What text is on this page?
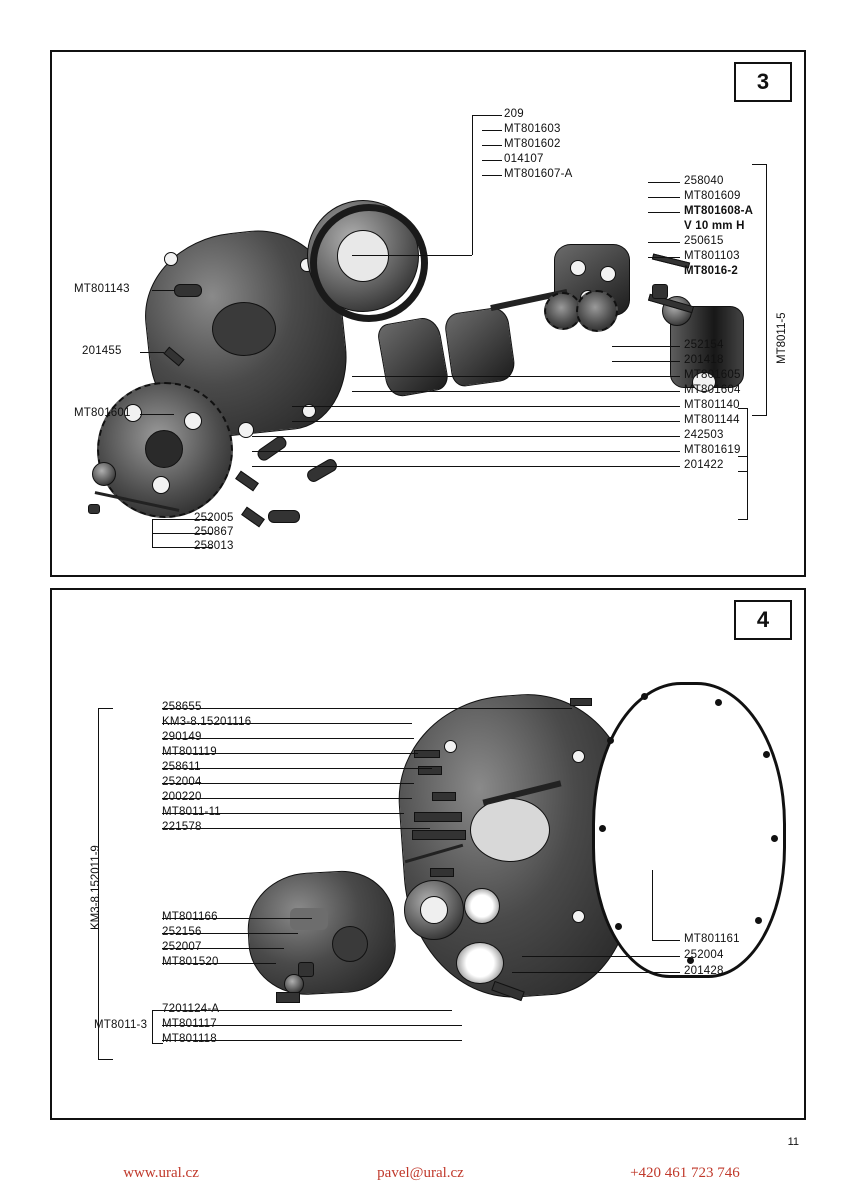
3
MT8011-5
MT801143
201455
MT801601
252005
250867
258013
209
MT801603
MT801602
014107
MT801607-A
258040
MT801609
MT801608-A
V 10 mm H
250615
MT801103
MT8016-2
252154
201418
MT801605
MT801604
MT801140
MT801144
242503
MT801619
201422
4
KM3-8.152011-9
MT8011-3
258655
KM3-8.15201116
290149
MT801119
258611
252004
200220
MT8011-11
221578
MT801166
252156
252007
MT801520
7201124-A
MT801117
MT801118
MT801161
252004
201428
11
www.ural.cz	pavel@ural.cz	+420 461 723 746
